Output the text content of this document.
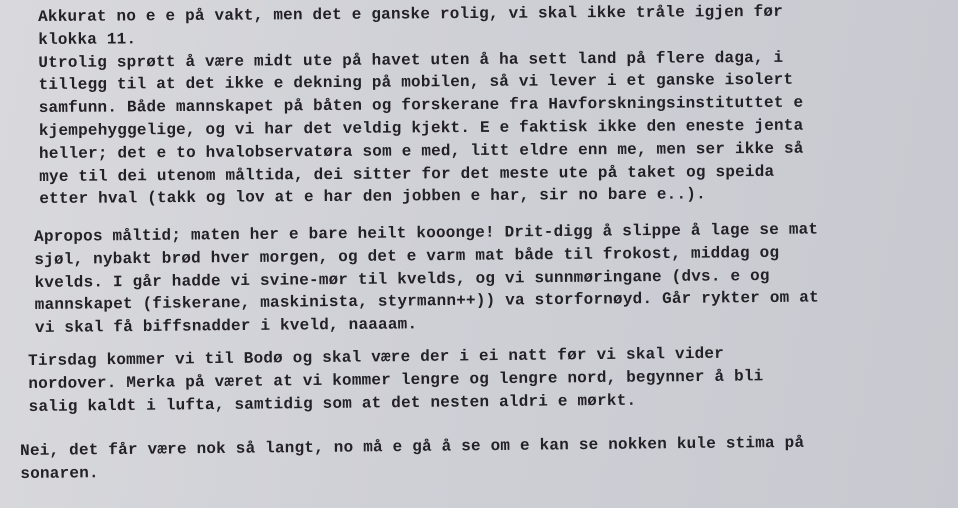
Akkurat no e e på vakt, men det e ganske rolig, vi skal ikke tråle igjen før
klokka 11.
Utrolig sprøtt å være midt ute på havet uten å ha sett land på flere daga, i
tillegg til at det ikke e dekning på mobilen, så vi lever i et ganske isolert
samfunn. Både mannskapet på båten og forskerane fra Havforskningsinstituttet e
kjempehyggelige, og vi har det veldig kjekt. E e faktisk ikke den eneste jenta
heller; det e to hvalobservatøra som e med, litt eldre enn me, men ser ikke så
mye til dei utenom måltida, dei sitter for det meste ute på taket og speida
etter hval (takk og lov at e har den jobben e har, sir no bare e..).

Apropos måltid; maten her e bare heilt kooonge! Drit-digg å slippe å lage se mat
sjøl, nybakt brød hver morgen, og det e varm mat både til frokost, middag og
kvelds. I går hadde vi svine-mør til kvelds, og vi sunnmøringane (dvs. e og
mannskapet (fiskerane, maskinista, styrmann++)) va storfornøyd. Går rykter om at
vi skal få biffsnadder i kveld, naaaam.

Tirsdag kommer vi til Bodø og skal være der i ei natt før vi skal vider
nordover. Merka på været at vi kommer lengre og lengre nord, begynner å bli
salig kaldt i lufta, samtidig som at det nesten aldri e mørkt.

Nei, det får være nok så langt, no må e gå å se om e kan se nokken kule stima på
sonaren.
